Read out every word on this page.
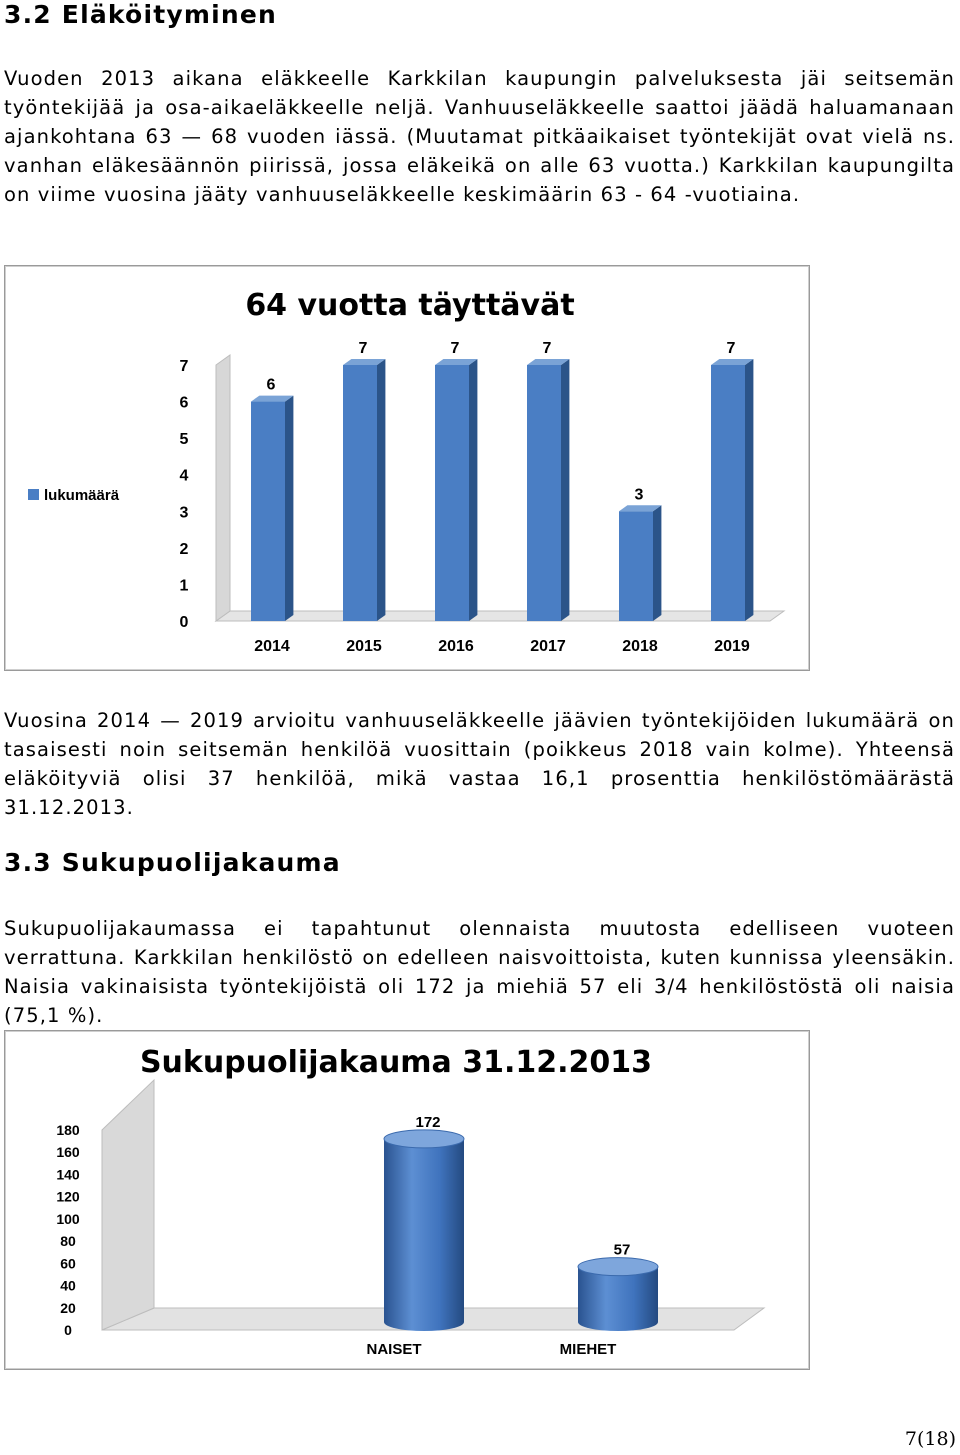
3.2 Eläköityminen

Vuoden 2013 aikana eläkkeelle Karkkilan kaupungin palveluksesta jäi seitsemän työntekijää ja osa-aikaeläkkeelle neljä. Vanhuuseläkkeelle saattoi jäädä haluamanaan ajankohtana 63 — 68 vuoden iässä. (Muutamat pitkäaikaiset työntekijät ovat vielä ns. vanhan eläkesäännön piirissä, jossa eläkeikä on alle 63 vuotta.) Karkkilan kaupungilta on viime vuosina jääty vanhuuseläkkeelle keskimäärin 63 - 64 -vuotiaina.

64 vuotta täyttävät
lukumäärä
0
1
2
3
4
5
6
7
6
2014
7
2015
7
2016
7
2017
3
2018
7
2019

Vuosina 2014 — 2019 arvioitu vanhuuseläkkeelle jäävien työntekijöiden lukumäärä on tasaisesti noin seitsemän henkilöä vuosittain (poikkeus 2018 vain kolme). Yhteensä eläköityviä olisi 37 henkilöä, mikä vastaa 16,1 prosenttia henkilöstömäärästä 31.12.2013.

3.3 Sukupuolijakauma

Sukupuolijakaumassa ei tapahtunut olennaista muutosta edelliseen vuoteen verrattuna. Karkkilan henkilöstö on edelleen naisvoittoista, kuten kunnissa yleensäkin. Naisia vakinaisista työntekijöistä oli 172 ja miehiä 57 eli 3/4 henkilöstöstä oli naisia (75,1 %).

Sukupuolijakauma 31.12.2013
0
20
40
60
80
100
120
140
160
180	172
NAISET
57
MIEHET
7(18)
